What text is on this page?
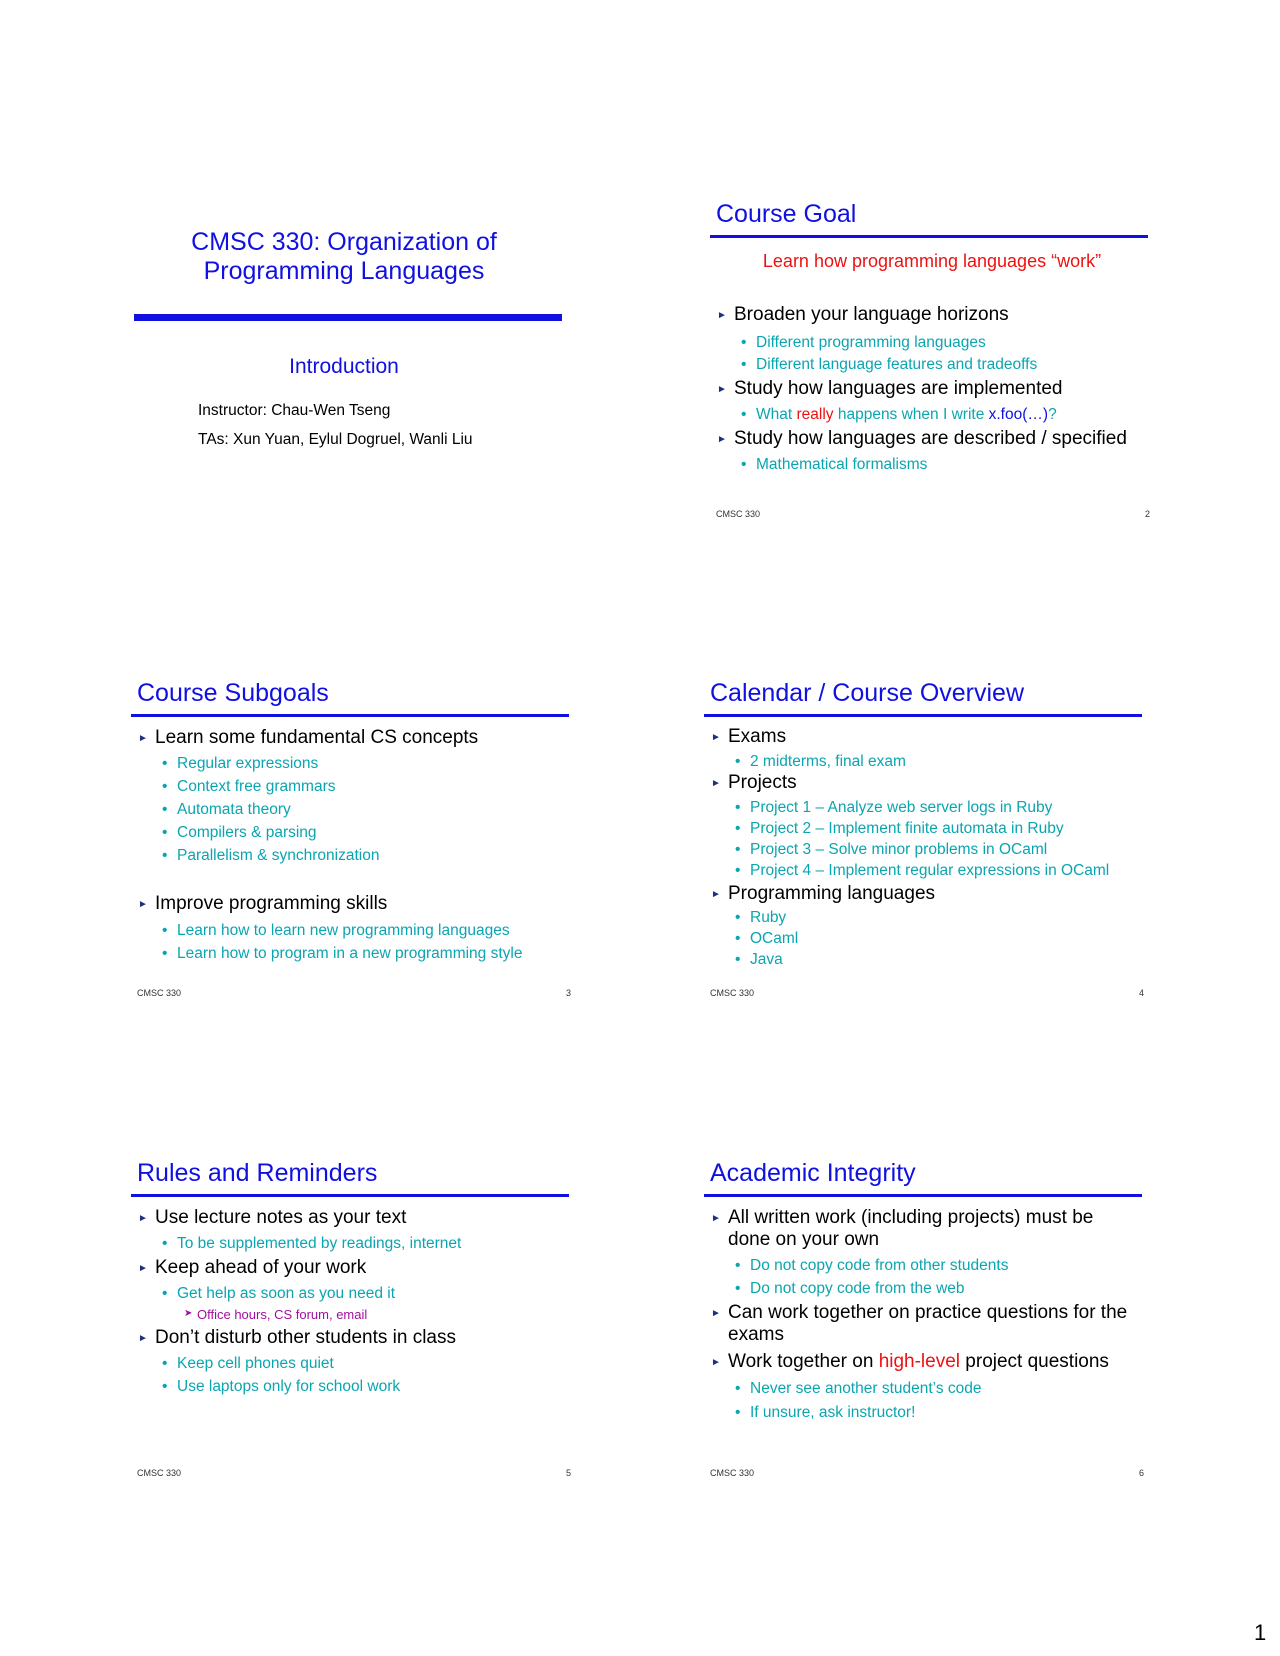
CMSC 330: Organization of
Programming Languages
Introduction
Instructor: Chau-Wen Tseng
TAs: Xun Yuan, Eylul Dogruel, Wanli Liu
Course Goal
Learn how programming languages “work”
► Broaden your language horizons
• Different programming languages
• Different language features and tradeoffs
► Study how languages are implemented
• What really happens when I write x.foo(…)?
► Study how languages are described / specified
• Mathematical formalisms
CMSC 330	2
Course Subgoals
► Learn some fundamental CS concepts
• Regular expressions
• Context free grammars
• Automata theory
• Compilers & parsing
• Parallelism & synchronization
► Improve programming skills
• Learn how to learn new programming languages
• Learn how to program in a new programming style
CMSC 330	3
Calendar / Course Overview
► Exams
• 2 midterms, final exam
► Projects
• Project 1 – Analyze web server logs in Ruby
• Project 2 – Implement finite automata in Ruby
• Project 3 – Solve minor problems in OCaml
• Project 4 – Implement regular expressions in OCaml
► Programming languages
• Ruby
• OCaml
• Java
CMSC 330	4
Rules and Reminders
► Use lecture notes as your text
• To be supplemented by readings, internet
► Keep ahead of your work
• Get help as soon as you need it
➤ Office hours, CS forum, email
► Don’t disturb other students in class
• Keep cell phones quiet
• Use laptops only for school work
CMSC 330	5
Academic Integrity
► All written work (including projects) must be
done on your own
• Do not copy code from other students
• Do not copy code from the web
► Can work together on practice questions for the
exams
► Work together on high-level project questions
• Never see another student’s code
• If unsure, ask instructor!
CMSC 330	6
1
